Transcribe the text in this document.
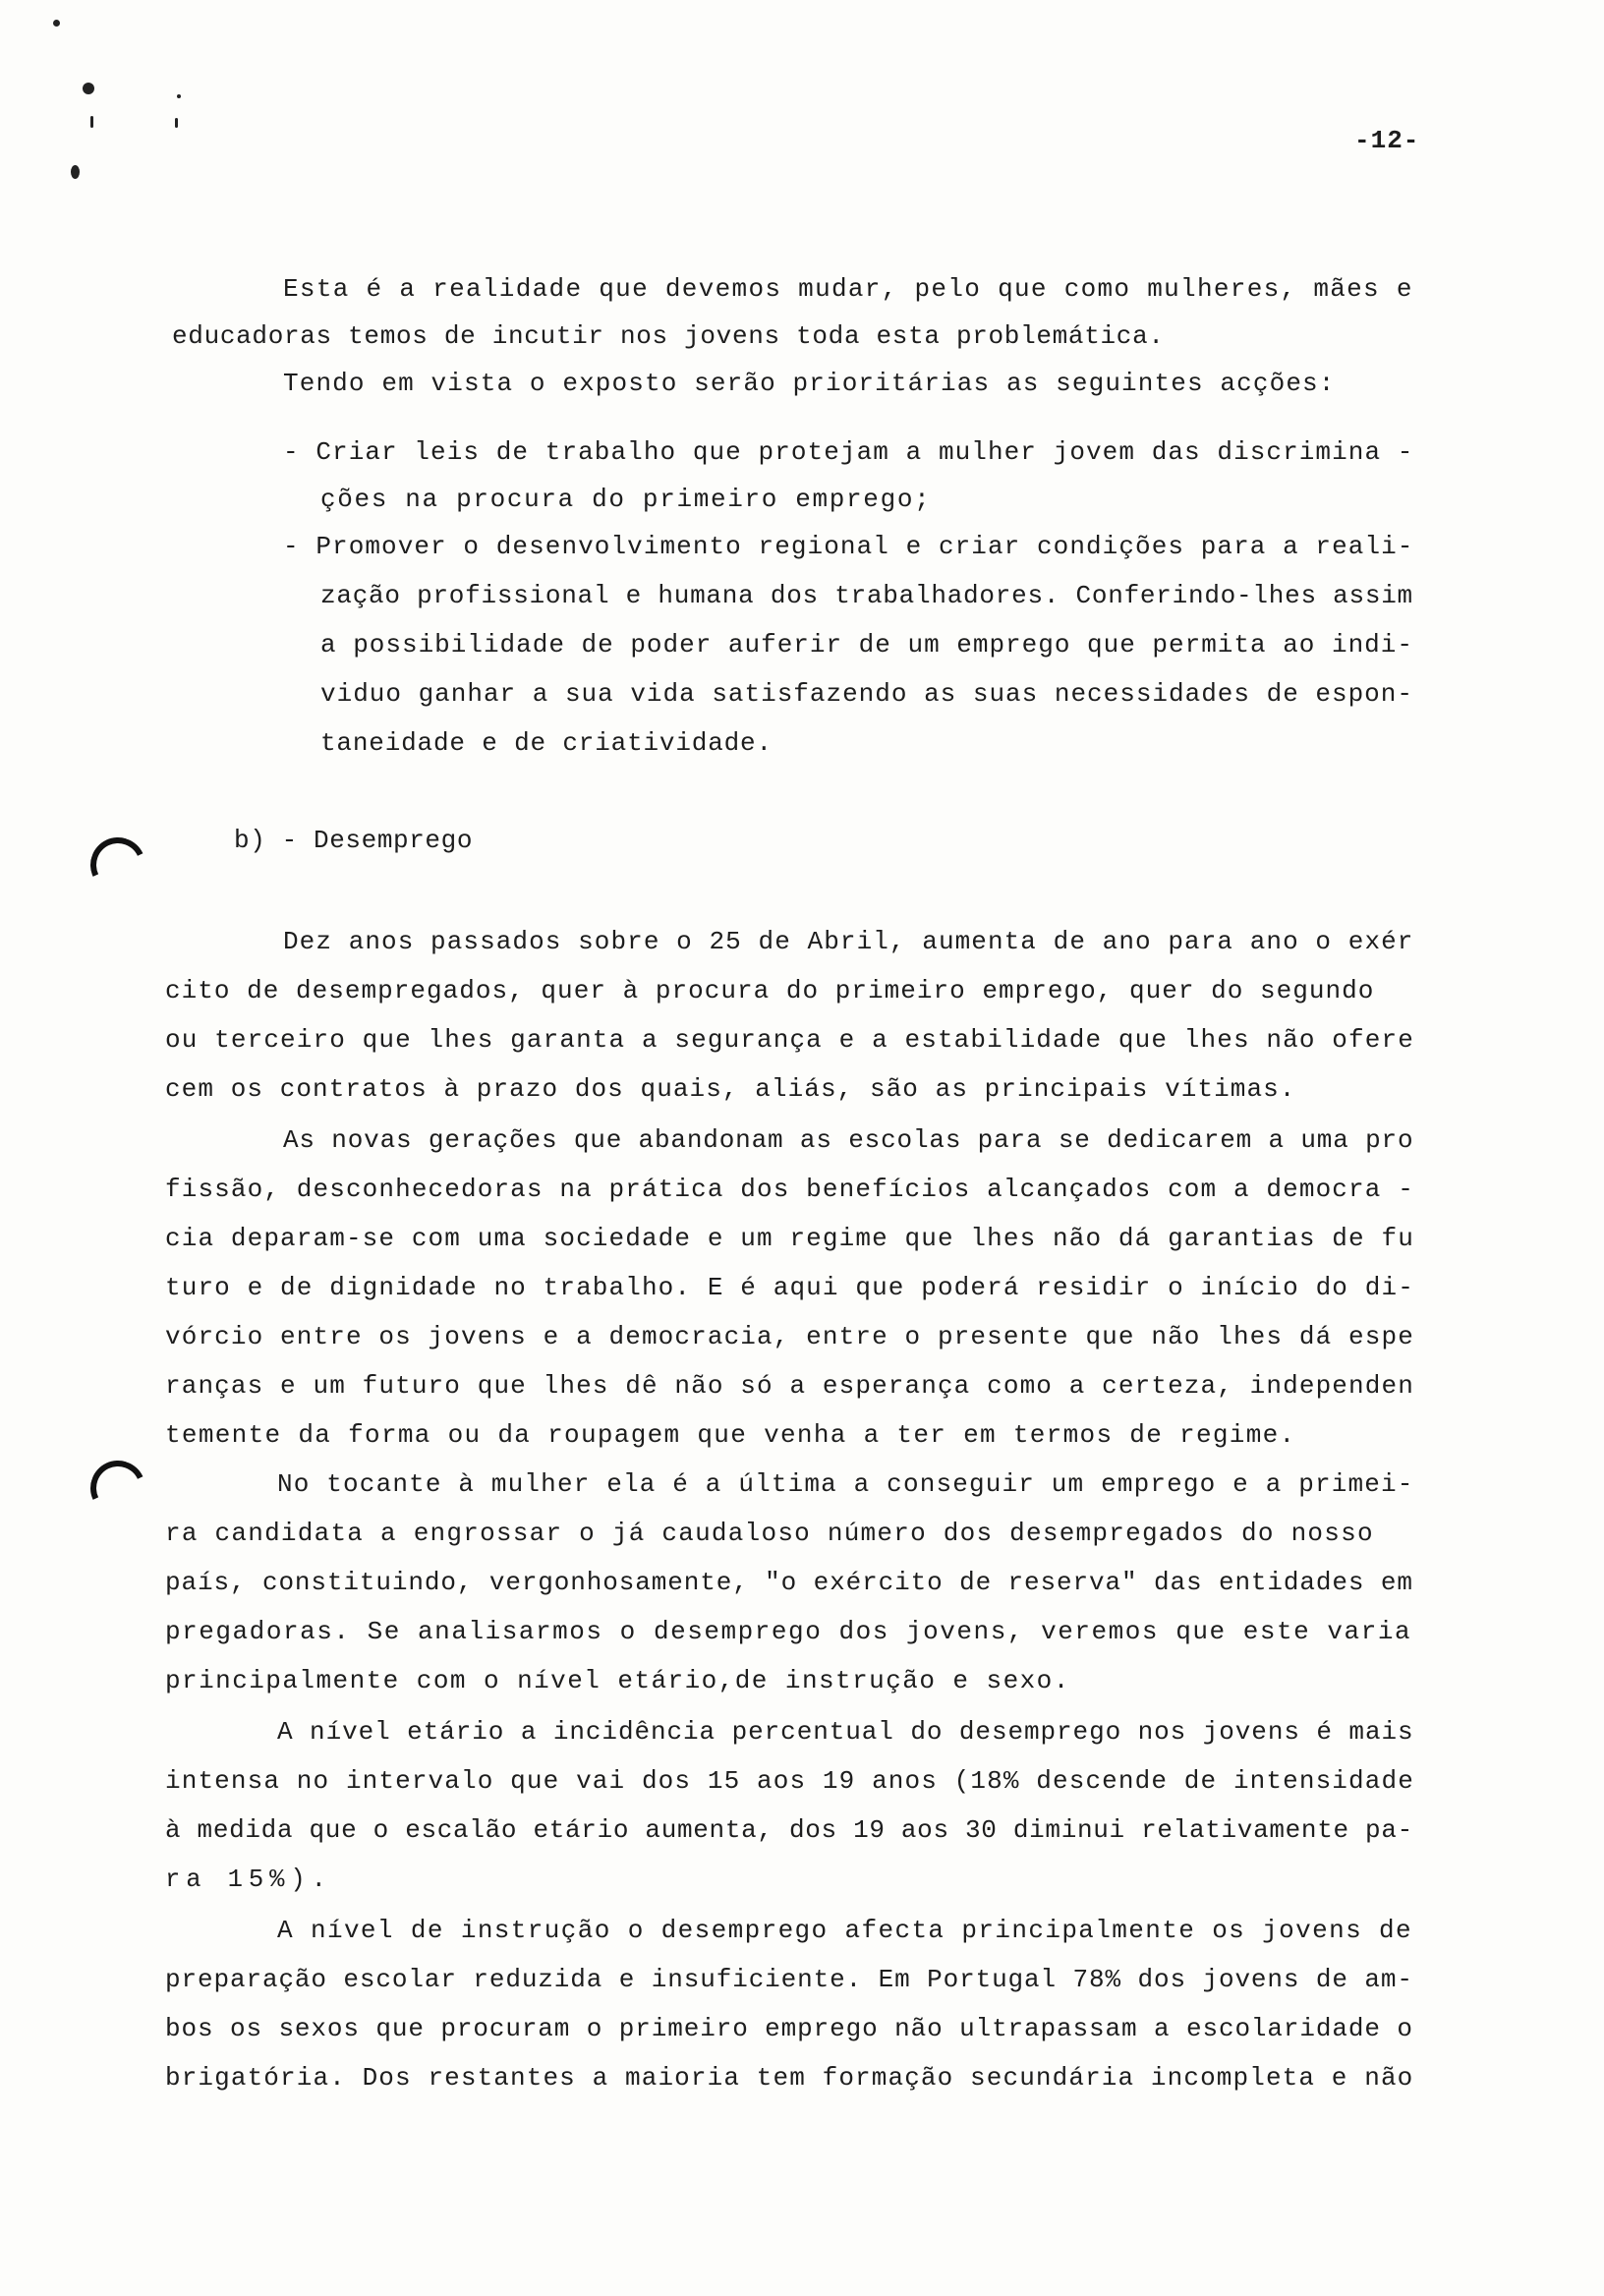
-12-
Esta é a realidade que devemos mudar, pelo que como mulheres, mães e
educadoras temos de incutir nos jovens toda esta problemática.
Tendo em vista o exposto serão prioritárias as seguintes acções:
- Criar leis de trabalho que protejam a mulher jovem das discrimina -
ções na procura do primeiro emprego;
- Promover o desenvolvimento regional e criar condições para a reali-
zação profissional e humana dos trabalhadores. Conferindo-lhes assim
a possibilidade de poder auferir de um emprego que permita ao indi-
viduo ganhar a sua vida satisfazendo as suas necessidades de espon-
taneidade e de criatividade.
b) - Desemprego
Dez anos passados sobre o 25 de Abril, aumenta de ano para ano o exér
cito de desempregados, quer à procura do primeiro emprego, quer do segundo
ou terceiro que lhes garanta a segurança e a estabilidade que lhes não ofere
cem os contratos à prazo dos quais, aliás, são as principais vítimas.
As novas gerações que abandonam as escolas para se dedicarem a uma pro
fissão, desconhecedoras na prática dos benefícios alcançados com a democra -
cia deparam-se com uma sociedade e um regime que lhes não dá garantias de fu
turo e de dignidade no trabalho. E é aqui que poderá residir o início do di-
vórcio entre os jovens e a democracia, entre o presente que não lhes dá espe
ranças e um futuro que lhes dê não só a esperança como a certeza, independen
temente da forma ou da roupagem que venha a ter em termos de regime.
No tocante à mulher ela é a última a conseguir um emprego e a primei-
ra candidata a engrossar o já caudaloso número dos desempregados do nosso
país, constituindo, vergonhosamente, "o exército de reserva" das entidades em
pregadoras. Se analisarmos o desemprego dos jovens, veremos que este varia
principalmente com o nível etário,de instrução e sexo.
A nível etário a incidência percentual do desemprego nos jovens é mais
intensa no intervalo que vai dos 15 aos 19 anos (18% descende de intensidade
à medida que o escalão etário aumenta, dos 19 aos 30 diminui relativamente pa-
ra 15%).
A nível de instrução o desemprego afecta principalmente os jovens de
preparação escolar reduzida e insuficiente. Em Portugal 78% dos jovens de am-
bos os sexos que procuram o primeiro emprego não ultrapassam a escolaridade o
brigatória. Dos restantes a maioria tem formação secundária incompleta e não
